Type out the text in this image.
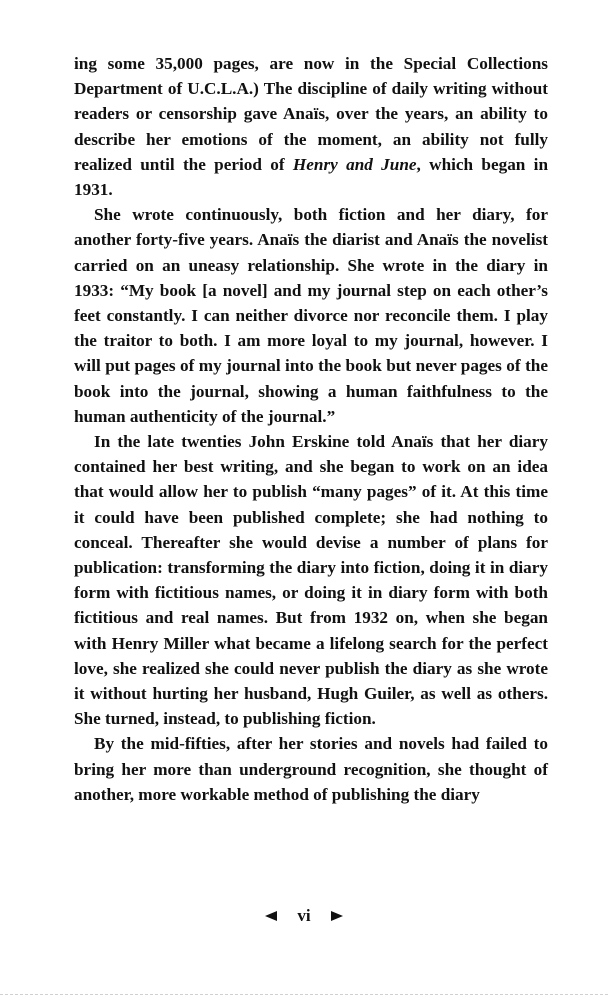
ing some 35,000 pages, are now in the Special Collections Department of U.C.L.A.) The discipline of daily writing without readers or censorship gave Anaïs, over the years, an ability to describe her emotions of the moment, an ability not fully realized until the period of Henry and June, which began in 1931.

She wrote continuously, both fiction and her diary, for another forty-five years. Anaïs the diarist and Anaïs the novelist carried on an uneasy relationship. She wrote in the diary in 1933: “My book [a novel] and my journal step on each other’s feet constantly. I can neither divorce nor reconcile them. I play the traitor to both. I am more loyal to my journal, however. I will put pages of my journal into the book but never pages of the book into the journal, showing a human faithfulness to the human authenticity of the journal.”

In the late twenties John Erskine told Anaïs that her diary contained her best writing, and she began to work on an idea that would allow her to publish “many pages” of it. At this time it could have been published complete; she had nothing to conceal. Thereafter she would devise a number of plans for publication: transforming the diary into fiction, doing it in diary form with fictitious names, or doing it in diary form with both fictitious and real names. But from 1932 on, when she began with Henry Miller what became a lifelong search for the perfect love, she realized she could never publish the diary as she wrote it without hurting her husband, Hugh Guiler, as well as others. She turned, instead, to publishing fiction.

By the mid-fifties, after her stories and novels had failed to bring her more than underground recognition, she thought of another, more workable method of publishing the diary

vi
